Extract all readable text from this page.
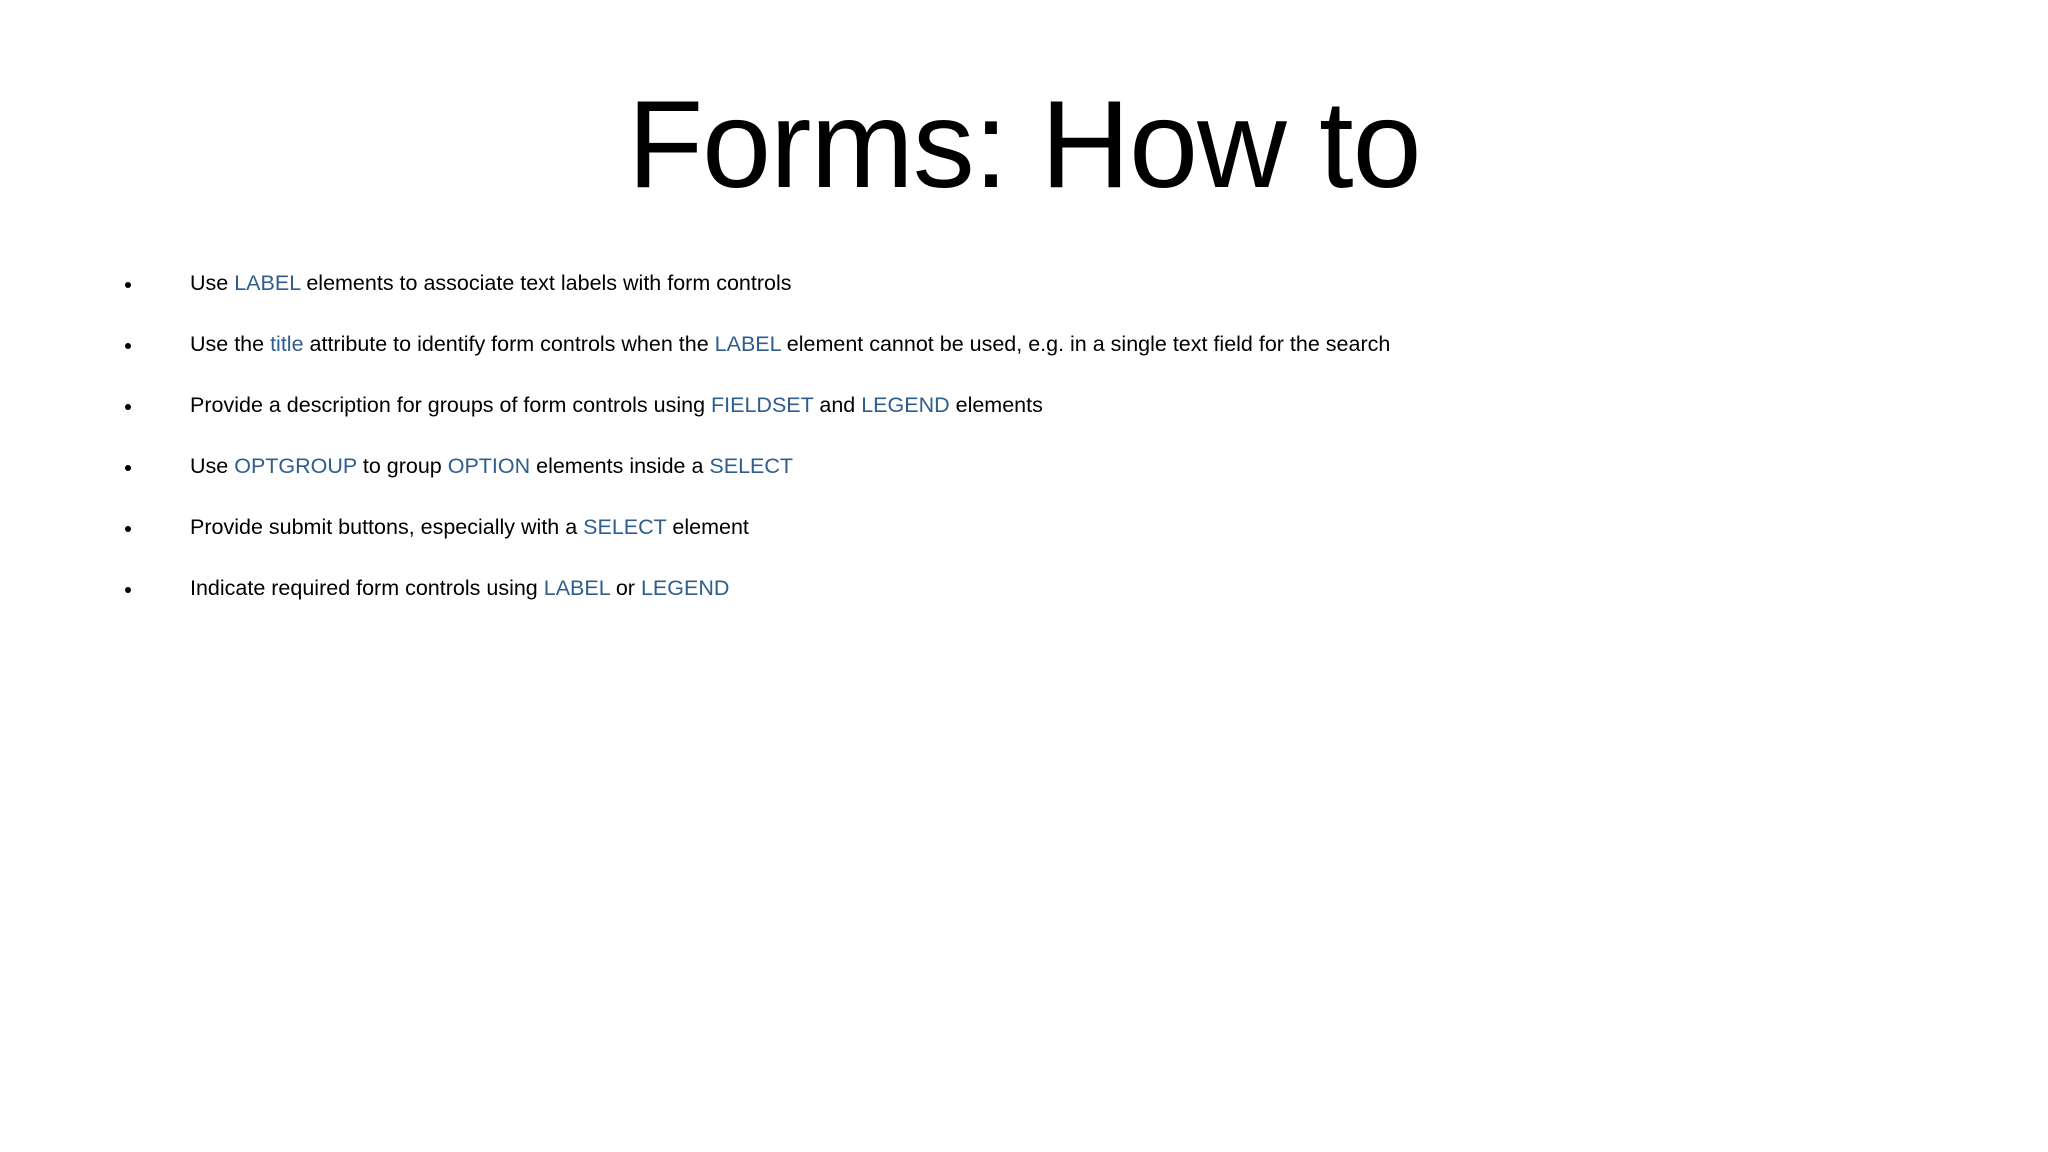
Forms: How to
Use LABEL elements to associate text labels with form controls
Use the title attribute to identify form controls when the LABEL element cannot be used, e.g. in a single text field for the search
Provide a description for groups of form controls using FIELDSET and LEGEND elements
Use OPTGROUP to group OPTION elements inside a SELECT
Provide submit buttons, especially with a SELECT element
Indicate required form controls using LABEL or LEGEND
